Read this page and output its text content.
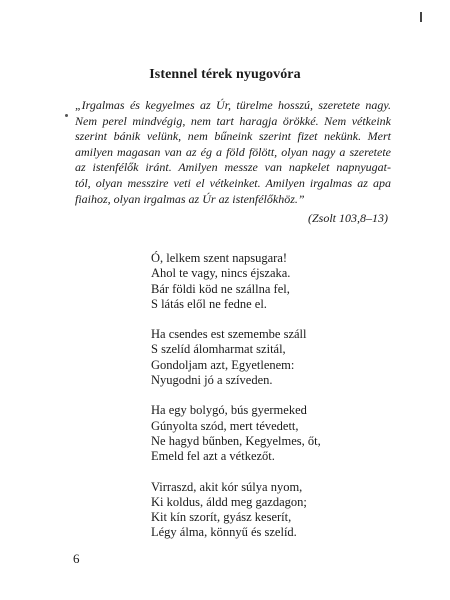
Istennel térek nyugovóra
„Irgalmas és kegyelmes az Úr, türelme hosszú, szeretete nagy.
Nem perel mindvégig, nem tart haragja örökké. Nem vétkeink
szerint bánik velünk, nem bűneink szerint fizet nekünk. Mert
amilyen magasan van az ég a föld fölött, olyan nagy a szeretete
az istenfélők iránt. Amilyen messze van napkelet napnyugat-
tól, olyan messzire veti el vétkeinket. Amilyen irgalmas az apa
fiaihoz, olyan irgalmas az Úr az istenfélőkhöz.”
(Zsolt 103,8–13)
Ó, lelkem szent napsugara!
Ahol te vagy, nincs éjszaka.
Bár földi köd ne szállna fel,
S látás elől ne fedne el.
Ha csendes est szemembe száll
S szelíd álomharmat szitál,
Gondoljam azt, Egyetlenem:
Nyugodni jó a szíveden.
Ha egy bolygó, bús gyermeked
Gúnyolta szód, mert tévedett,
Ne hagyd bűnben, Kegyelmes, őt,
Emeld fel azt a vétkezőt.
Virraszd, akit kór súlya nyom,
Ki koldus, áldd meg gazdagon;
Kit kín szorít, gyász keserít,
Légy álma, könnyű és szelíd.
6
